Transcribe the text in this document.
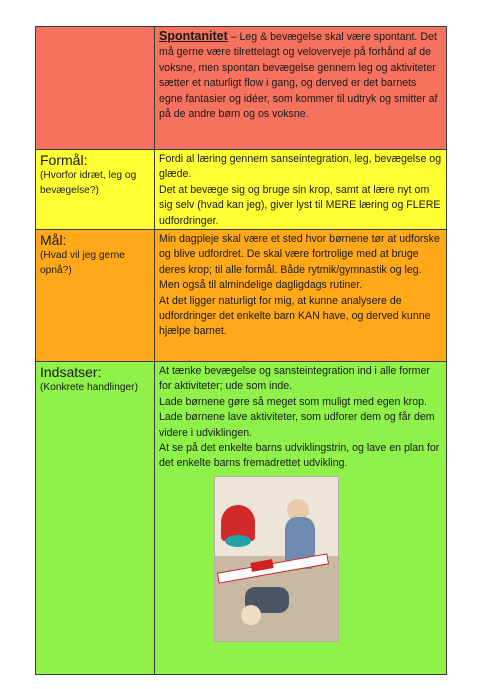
Spontanitet – Leg & bevægelse skal være spontant. Det må gerne være tilrettelagt og veloverveje på forhånd af de voksne, men spontan bevægelse gennem leg og aktiviteter sætter et naturligt flow i gang, og derved er det barnets egne fantasier og idéer, som kommer til udtryk og smitter af på de andre børn og os voksne.
Formål:
(Hvorfor idræt, leg og bevægelse?)
Fordi al læring gennem sanseintegration, leg, bevægelse og glæde.
Det at bevæge sig og bruge sin krop, samt at lære nyt om sig selv (hvad kan jeg), giver lyst til MERE læring og FLERE udfordringer.
Mål:
(Hvad vil jeg gerne opnå?)
Min dagpleje skal være et sted hvor børnene tør at udforske og blive udfordret. De skal være fortrolige med at bruge deres krop; til alle formål. Både rytmik/gymnastik og leg. Men også til almindelige dagligdags rutiner.
At det ligger naturligt for mig, at kunne analysere de udfordringer det enkelte barn KAN have, og derved kunne hjælpe barnet.
Indsatser:
(Konkrete handlinger)
At tænke bevægelse og sansteintegration ind i alle former for aktiviteter; ude som inde.
Lade børnene gøre så meget som muligt med egen krop.
Lade børnene lave aktiviteter, som udforer dem og får dem videre i udviklingen.
At se på det enkelte barns udviklingstrin, og lave en plan for det enkelte barns fremadrettet udvikling.
